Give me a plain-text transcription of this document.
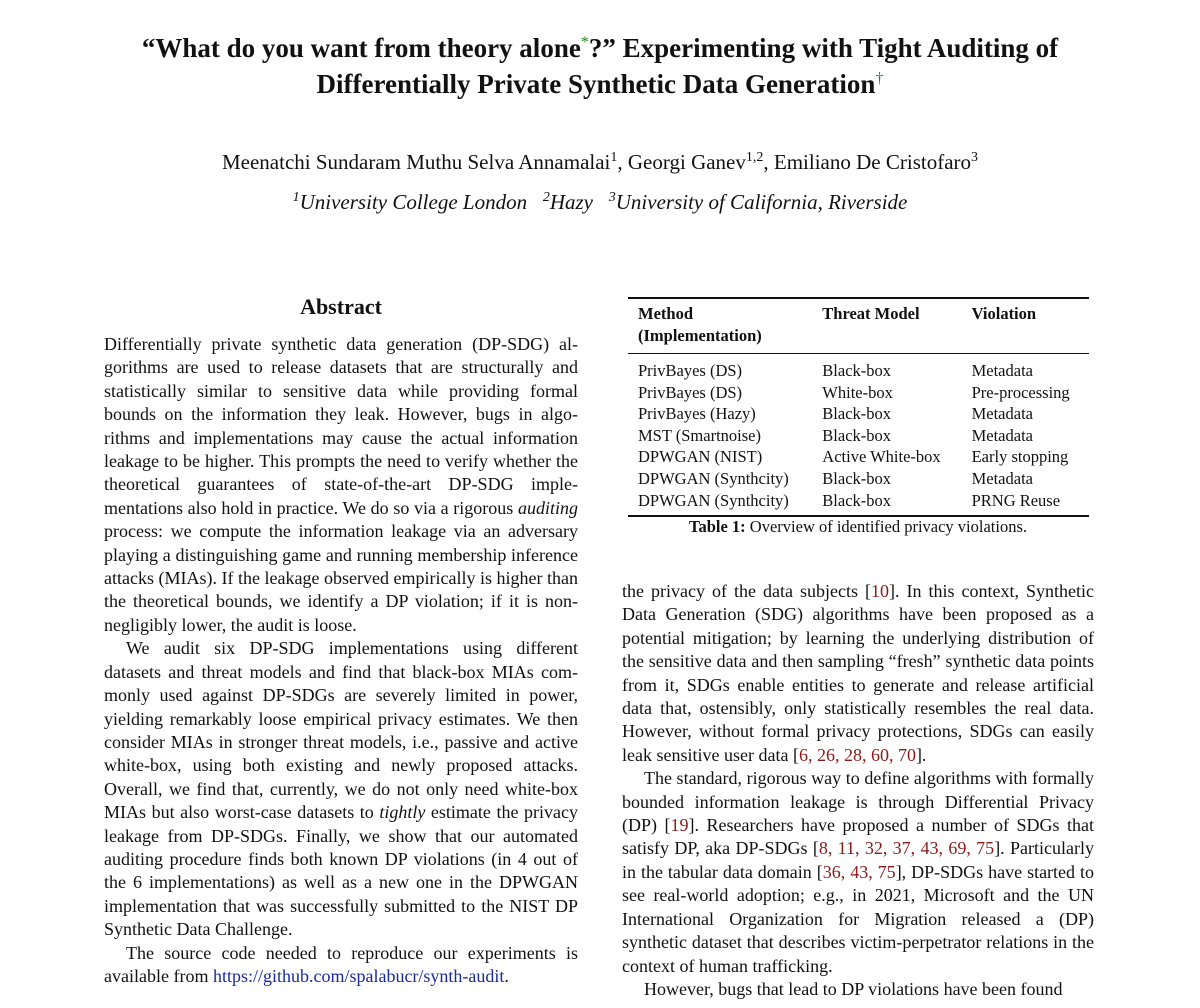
“What do you want from theory alone*?” Experimenting with Tight Auditing of
Differentially Private Synthetic Data Generation†
Meenatchi Sundaram Muthu Selva Annamalai$^1$, Georgi Ganev$^{1,2}$, Emiliano De Cristofaro$^3$
$^1$University College London $^2$Hazy $^3$University of California, Riverside
Abstract

Differentially private synthetic data generation (DP-SDG) algorithms are used to release datasets that are structurally and statistically similar to sensitive data while providing formal bounds on the information they leak. However, bugs in algorithms and implementations may cause the actual information leakage to be higher. This prompts the need to verify whether the theoretical guarantees of state-of-the-art DP-SDG implementations also hold in practice. We do so via a rigorous auditing process: we compute the information leakage via an adversary playing a distinguishing game and running membership inference attacks (MIAs). If the leakage observed empirically is higher than the theoretical bounds, we identify a DP violation; if it is non-negligibly lower, the audit is loose.

We audit six DP-SDG implementations using different datasets and threat models and find that black-box MIAs commonly used against DP-SDGs are severely limited in power, yielding remarkably loose empirical privacy estimates. We then consider MIAs in stronger threat models, i.e., passive and active white-box, using both existing and newly proposed attacks. Overall, we find that, currently, we do not only need white-box MIAs but also worst-case datasets to tightly estimate the privacy leakage from DP-SDGs. Finally, we show that our automated auditing procedure finds both known DP violations (in 4 out of the 6 implementations) as well as a new one in the DPWGAN implementation that was successfully submitted to the NIST DP Synthetic Data Challenge.

The source code needed to reproduce our experiments is available from https://github.com/spalabucr/synth-audit.

Method
(Implementation)	Threat Model	Violation
PrivBayes (DS)	Black-box	Metadata
PrivBayes (DS)	White-box	Pre-processing
PrivBayes (Hazy)	Black-box	Metadata
MST (Smartnoise)	Black-box	Metadata
DPWGAN (NIST)	Active White-box	Early stopping
DPWGAN (Synthcity)	Black-box	Metadata
DPWGAN (Synthcity)	Black-box	PRNG Reuse
Table 1: Overview of identified privacy violations.

the privacy of the data subjects [10]. In this context, Synthetic Data Generation (SDG) algorithms have been proposed as a potential mitigation; by learning the underlying distribution of the sensitive data and then sampling “fresh” synthetic data points from it, SDGs enable entities to generate and release artificial data that, ostensibly, only statistically resembles the real data. However, without formal privacy protections, SDGs can easily leak sensitive user data [6, 26, 28, 60, 70].

The standard, rigorous way to define algorithms with formally bounded information leakage is through Differential Privacy (DP) [19]. Researchers have proposed a number of SDGs that satisfy DP, aka DP-SDGs [8, 11, 32, 37, 43, 69, 75]. Particularly in the tabular data domain [36, 43, 75], DP-SDGs have started to see real-world adoption; e.g., in 2021, Microsoft and the UN International Organization for Migration released a (DP) synthetic dataset that describes victim-perpetrator relations in the context of human trafficking.

However, bugs that lead to DP violations have been found
